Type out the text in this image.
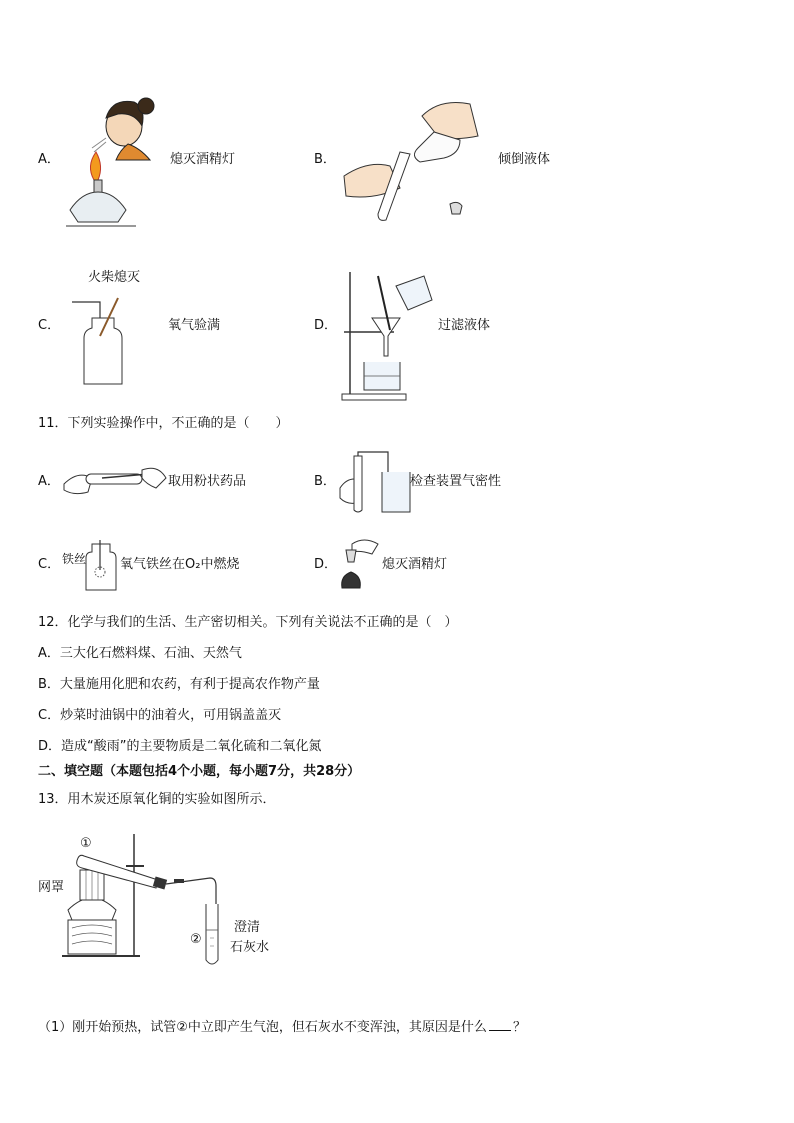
A．	熄灭酒精灯	B．	倾倒液体
火柴熄灭
C．	氧气验满	D．	过滤液体
11．下列实验操作中，不正确的是（　　）
A．	取用粉状药品	B．	检查装置气密性
C． 铁丝	氧气铁丝在O₂中燃烧	D．	熄灭酒精灯
12．化学与我们的生活、生产密切相关。下列有关说法不正确的是（　）
A．三大化石燃料煤、石油、天然气
B．大量施用化肥和农药，有利于提高农作物产量
C．炒菜时油锅中的油着火，可用锅盖盖灭
D．造成“酸雨”的主要物质是二氧化硫和二氧化氮
二、填空题（本题包括4个小题，每小题7分，共28分）
13．用木炭还原氧化铜的实验如图所示．
①
网罩
②
澄清
石灰水
（1）刚开始预热，试管②中立即产生气泡，但石灰水不变浑浊，其原因是什么 ？
